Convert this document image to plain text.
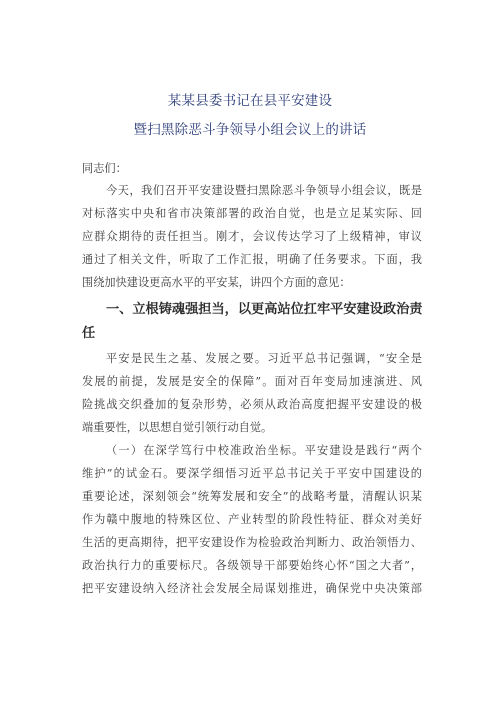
某某县委书记在县平安建设
暨扫黑除恶斗争领导小组会议上的讲话
同志们：
今天，我们召开平安建设暨扫黑除恶斗争领导小组会议，既是
对标落实中央和省市决策部署的政治自觉，也是立足某实际、回
应群众期待的责任担当。刚才，会议传达学习了上级精神，审议
通过了相关文件，听取了工作汇报，明确了任务要求。下面，我
围绕加快建设更高水平的平安某，讲四个方面的意见：
一、立根铸魂强担当，以更高站位扛牢平安建设政治责
任
平安是民生之基、发展之要。习近平总书记强调，“安全是
发展的前提，发展是安全的保障”。面对百年变局加速演进、风
险挑战交织叠加的复杂形势，必须从政治高度把握平安建设的极
端重要性，以思想自觉引领行动自觉。
（一）在深学笃行中校准政治坐标。平安建设是践行“两个
维护”的试金石。要深学细悟习近平总书记关于平安中国建设的
重要论述，深刻领会“统筹发展和安全”的战略考量，清醒认识某
作为赣中腹地的特殊区位、产业转型的阶段性特征、群众对美好
生活的更高期待，把平安建设作为检验政治判断力、政治领悟力、
政治执行力的重要标尺。各级领导干部要始终心怀“国之大者”，
把平安建设纳入经济社会发展全局谋划推进，确保党中央决策部
